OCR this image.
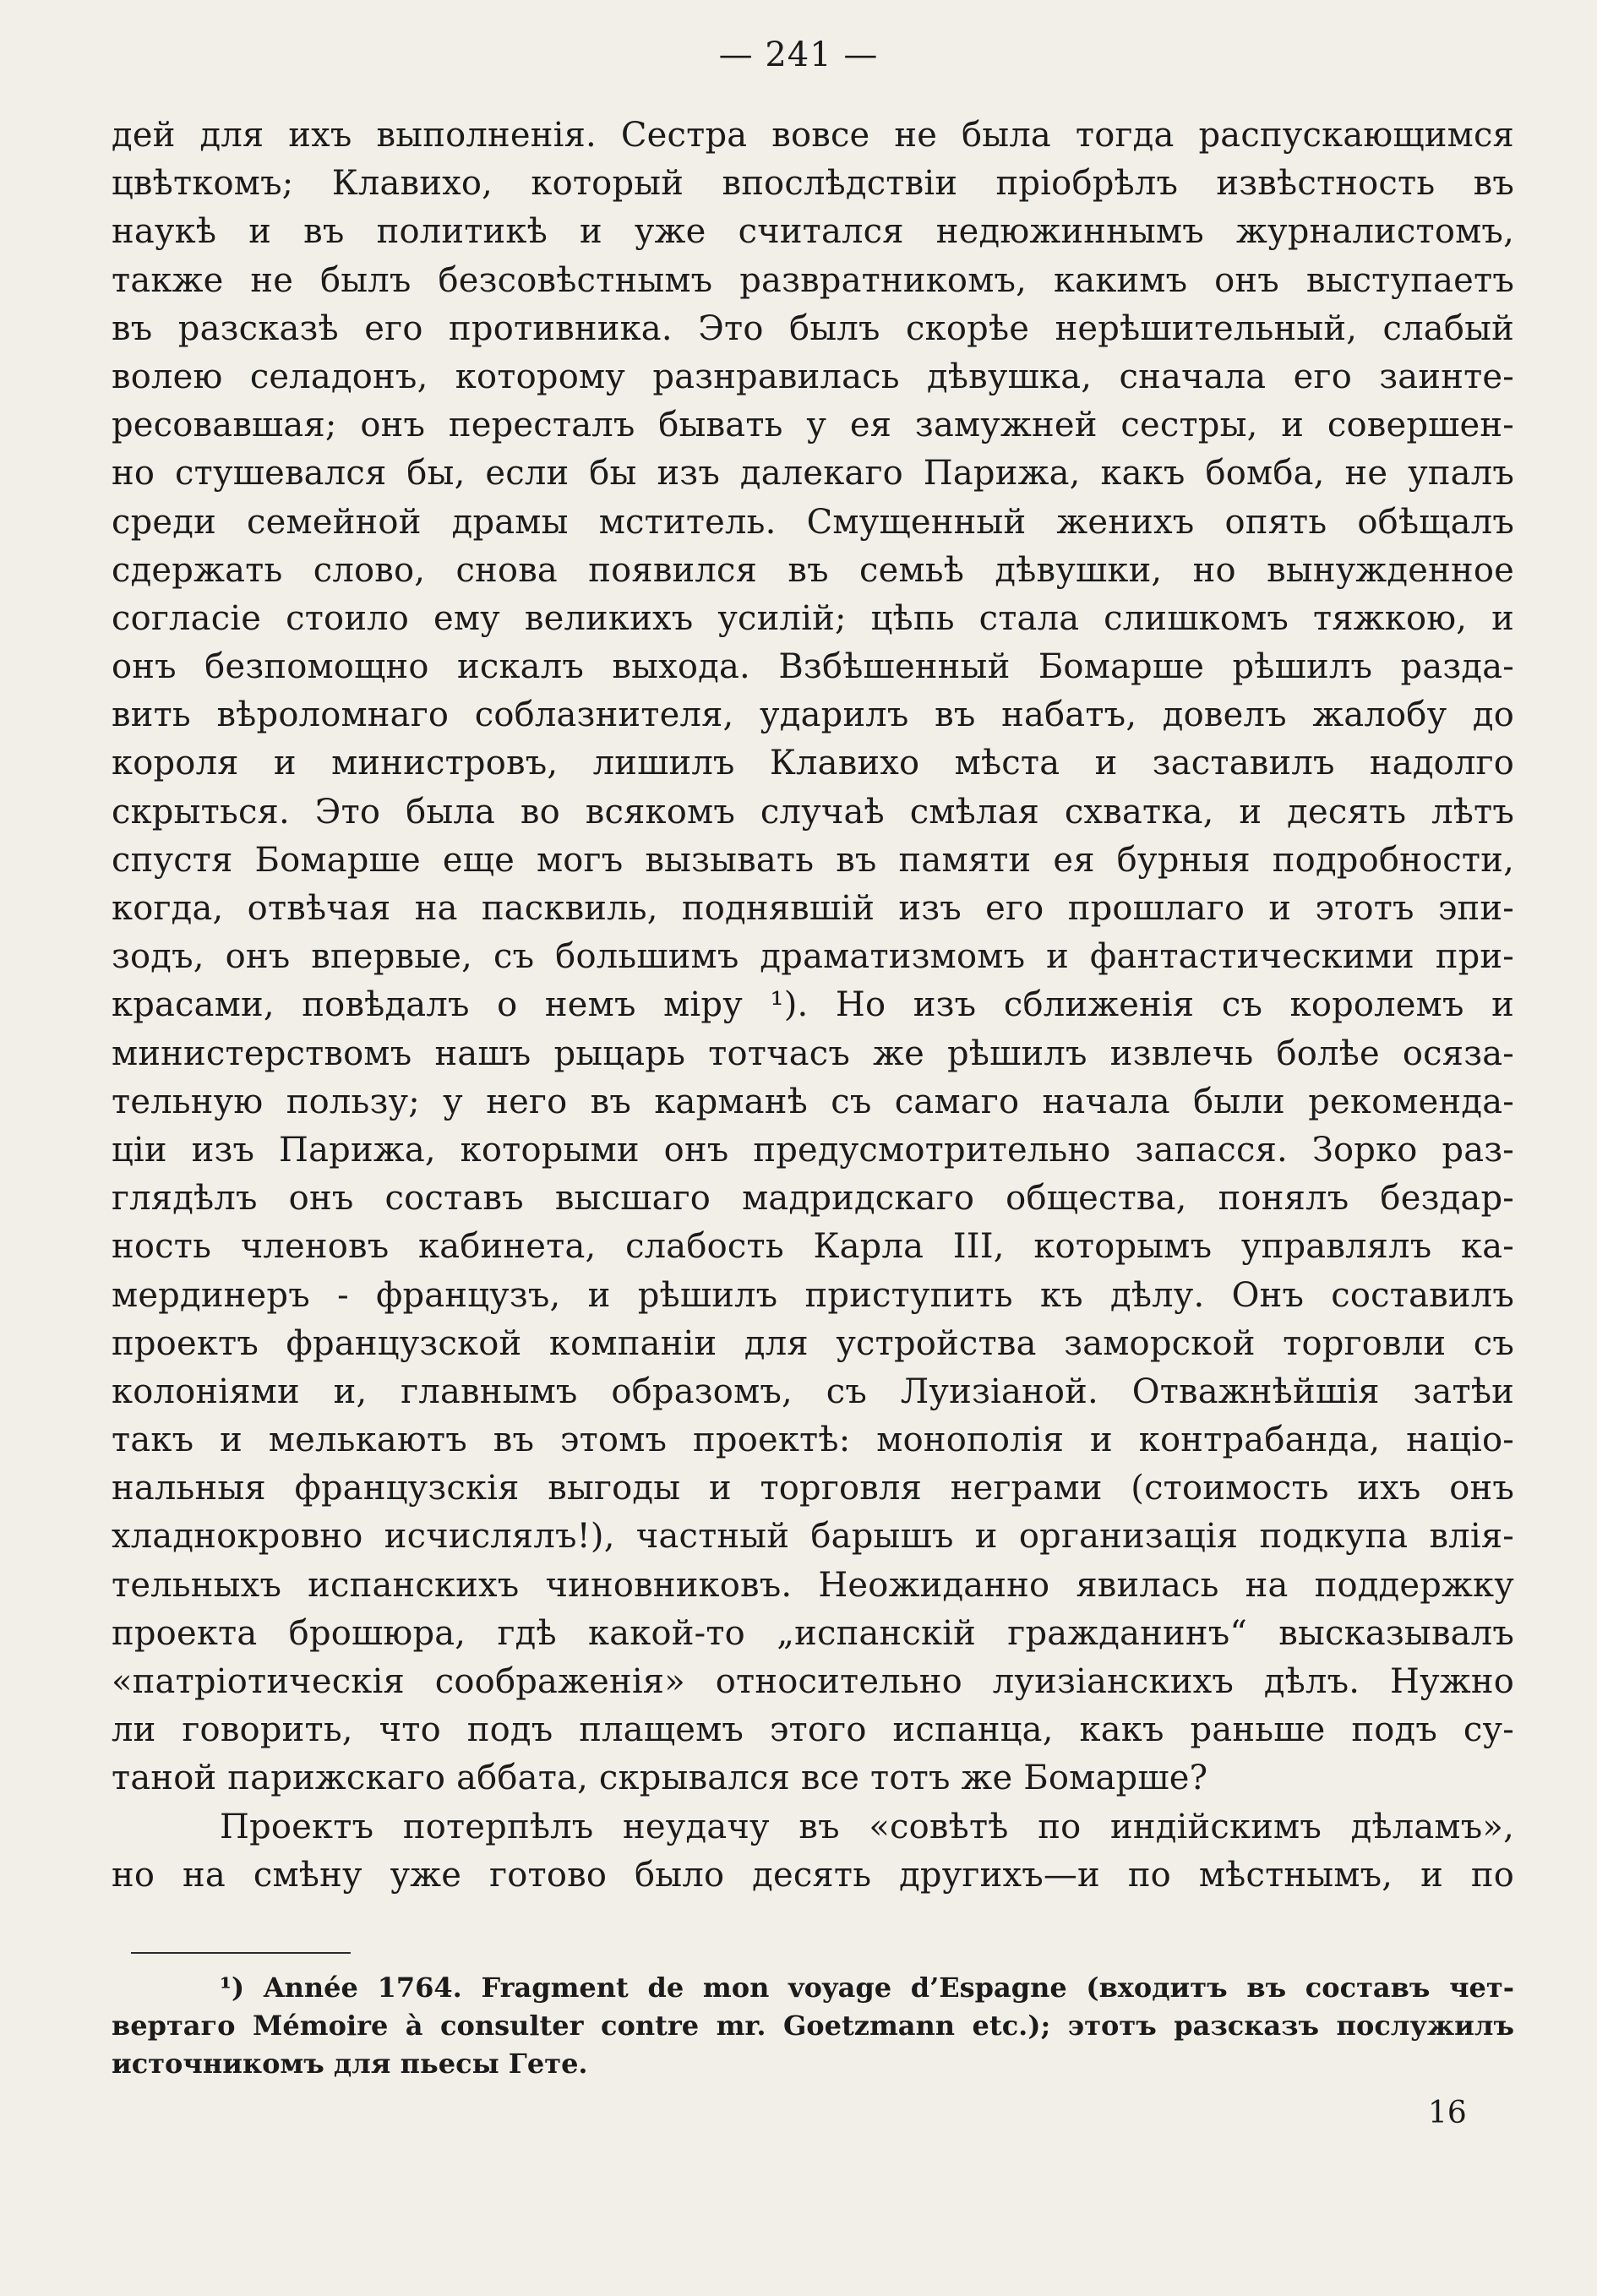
— 241 —
дей для ихъ выполненія. Сестра вовсе не была тогда распускающимся
цвѣткомъ; Клавихо, который впослѣдствіи пріобрѣлъ извѣстность въ
наукѣ и въ политикѣ и уже считался недюжиннымъ журналистомъ,
также не былъ безсовѣстнымъ развратникомъ, какимъ онъ выступаетъ
въ разсказѣ его противника. Это былъ скорѣе нерѣшительный, слабый
волею селадонъ, которому разнравилась дѣвушка, сначала его заинте-
ресовавшая; онъ пересталъ бывать у ея замужней сестры, и совершен-
но стушевался бы, если бы изъ далекаго Парижа, какъ бомба, не упалъ
среди семейной драмы мститель. Смущенный женихъ опять обѣщалъ
сдержать слово, снова появился въ семьѣ дѣвушки, но вынужденное
согласіе стоило ему великихъ усилій; цѣпь стала слишкомъ тяжкою, и
онъ безпомощно искалъ выхода. Взбѣшенный Бомарше рѣшилъ разда-
вить вѣроломнаго соблазнителя, ударилъ въ набатъ, довелъ жалобу до
короля и министровъ, лишилъ Клавихо мѣста и заставилъ надолго
скрыться. Это была во всякомъ случаѣ смѣлая схватка, и десять лѣтъ
спустя Бомарше еще могъ вызывать въ памяти ея бурныя подробности,
когда, отвѣчая на пасквиль, поднявшій изъ его прошлаго и этотъ эпи-
зодъ, онъ впервые, съ большимъ драматизмомъ и фантастическими при-
красами, повѣдалъ о немъ міру ¹). Но изъ сближенія съ королемъ и
министерствомъ нашъ рыцарь тотчасъ же рѣшилъ извлечь болѣе осяза-
тельную пользу; у него въ карманѣ съ самаго начала были рекоменда-
ціи изъ Парижа, которыми онъ предусмотрительно запасся. Зорко раз-
глядѣлъ онъ составъ высшаго мадридскаго общества, понялъ бездар-
ность членовъ кабинета, слабость Карла III, которымъ управлялъ ка-
мердинеръ - французъ, и рѣшилъ приступить къ дѣлу. Онъ составилъ
проектъ французской компаніи для устройства заморской торговли съ
колоніями и, главнымъ образомъ, съ Луизіаной. Отважнѣйшія затѣи
такъ и мелькаютъ въ этомъ проектѣ: монополія и контрабанда, націо-
нальныя французскія выгоды и торговля неграми (стоимость ихъ онъ
хладнокровно исчислялъ!), частный барышъ и организація подкупа влія-
тельныхъ испанскихъ чиновниковъ. Неожиданно явилась на поддержку
проекта брошюра, гдѣ какой-то „испанскій гражданинъ“ высказывалъ
«патріотическія соображенія» относительно луизіанскихъ дѣлъ. Нужно
ли говорить, что подъ плащемъ этого испанца, какъ раньше подъ су-
таной парижскаго аббата, скрывался все тотъ же Бомарше?
Проектъ потерпѣлъ неудачу въ «совѣтѣ по индійскимъ дѣламъ»,
но на смѣну уже готово было десять другихъ—и по мѣстнымъ, и по
¹) Année 1764. Fragment de mon voyage d’Espagne (входитъ въ составъ чет-
вертаго Mémoire à consulter contre mr. Goetzmann etc.); этотъ разсказъ послужилъ
источникомъ для пьесы Гете.
16
